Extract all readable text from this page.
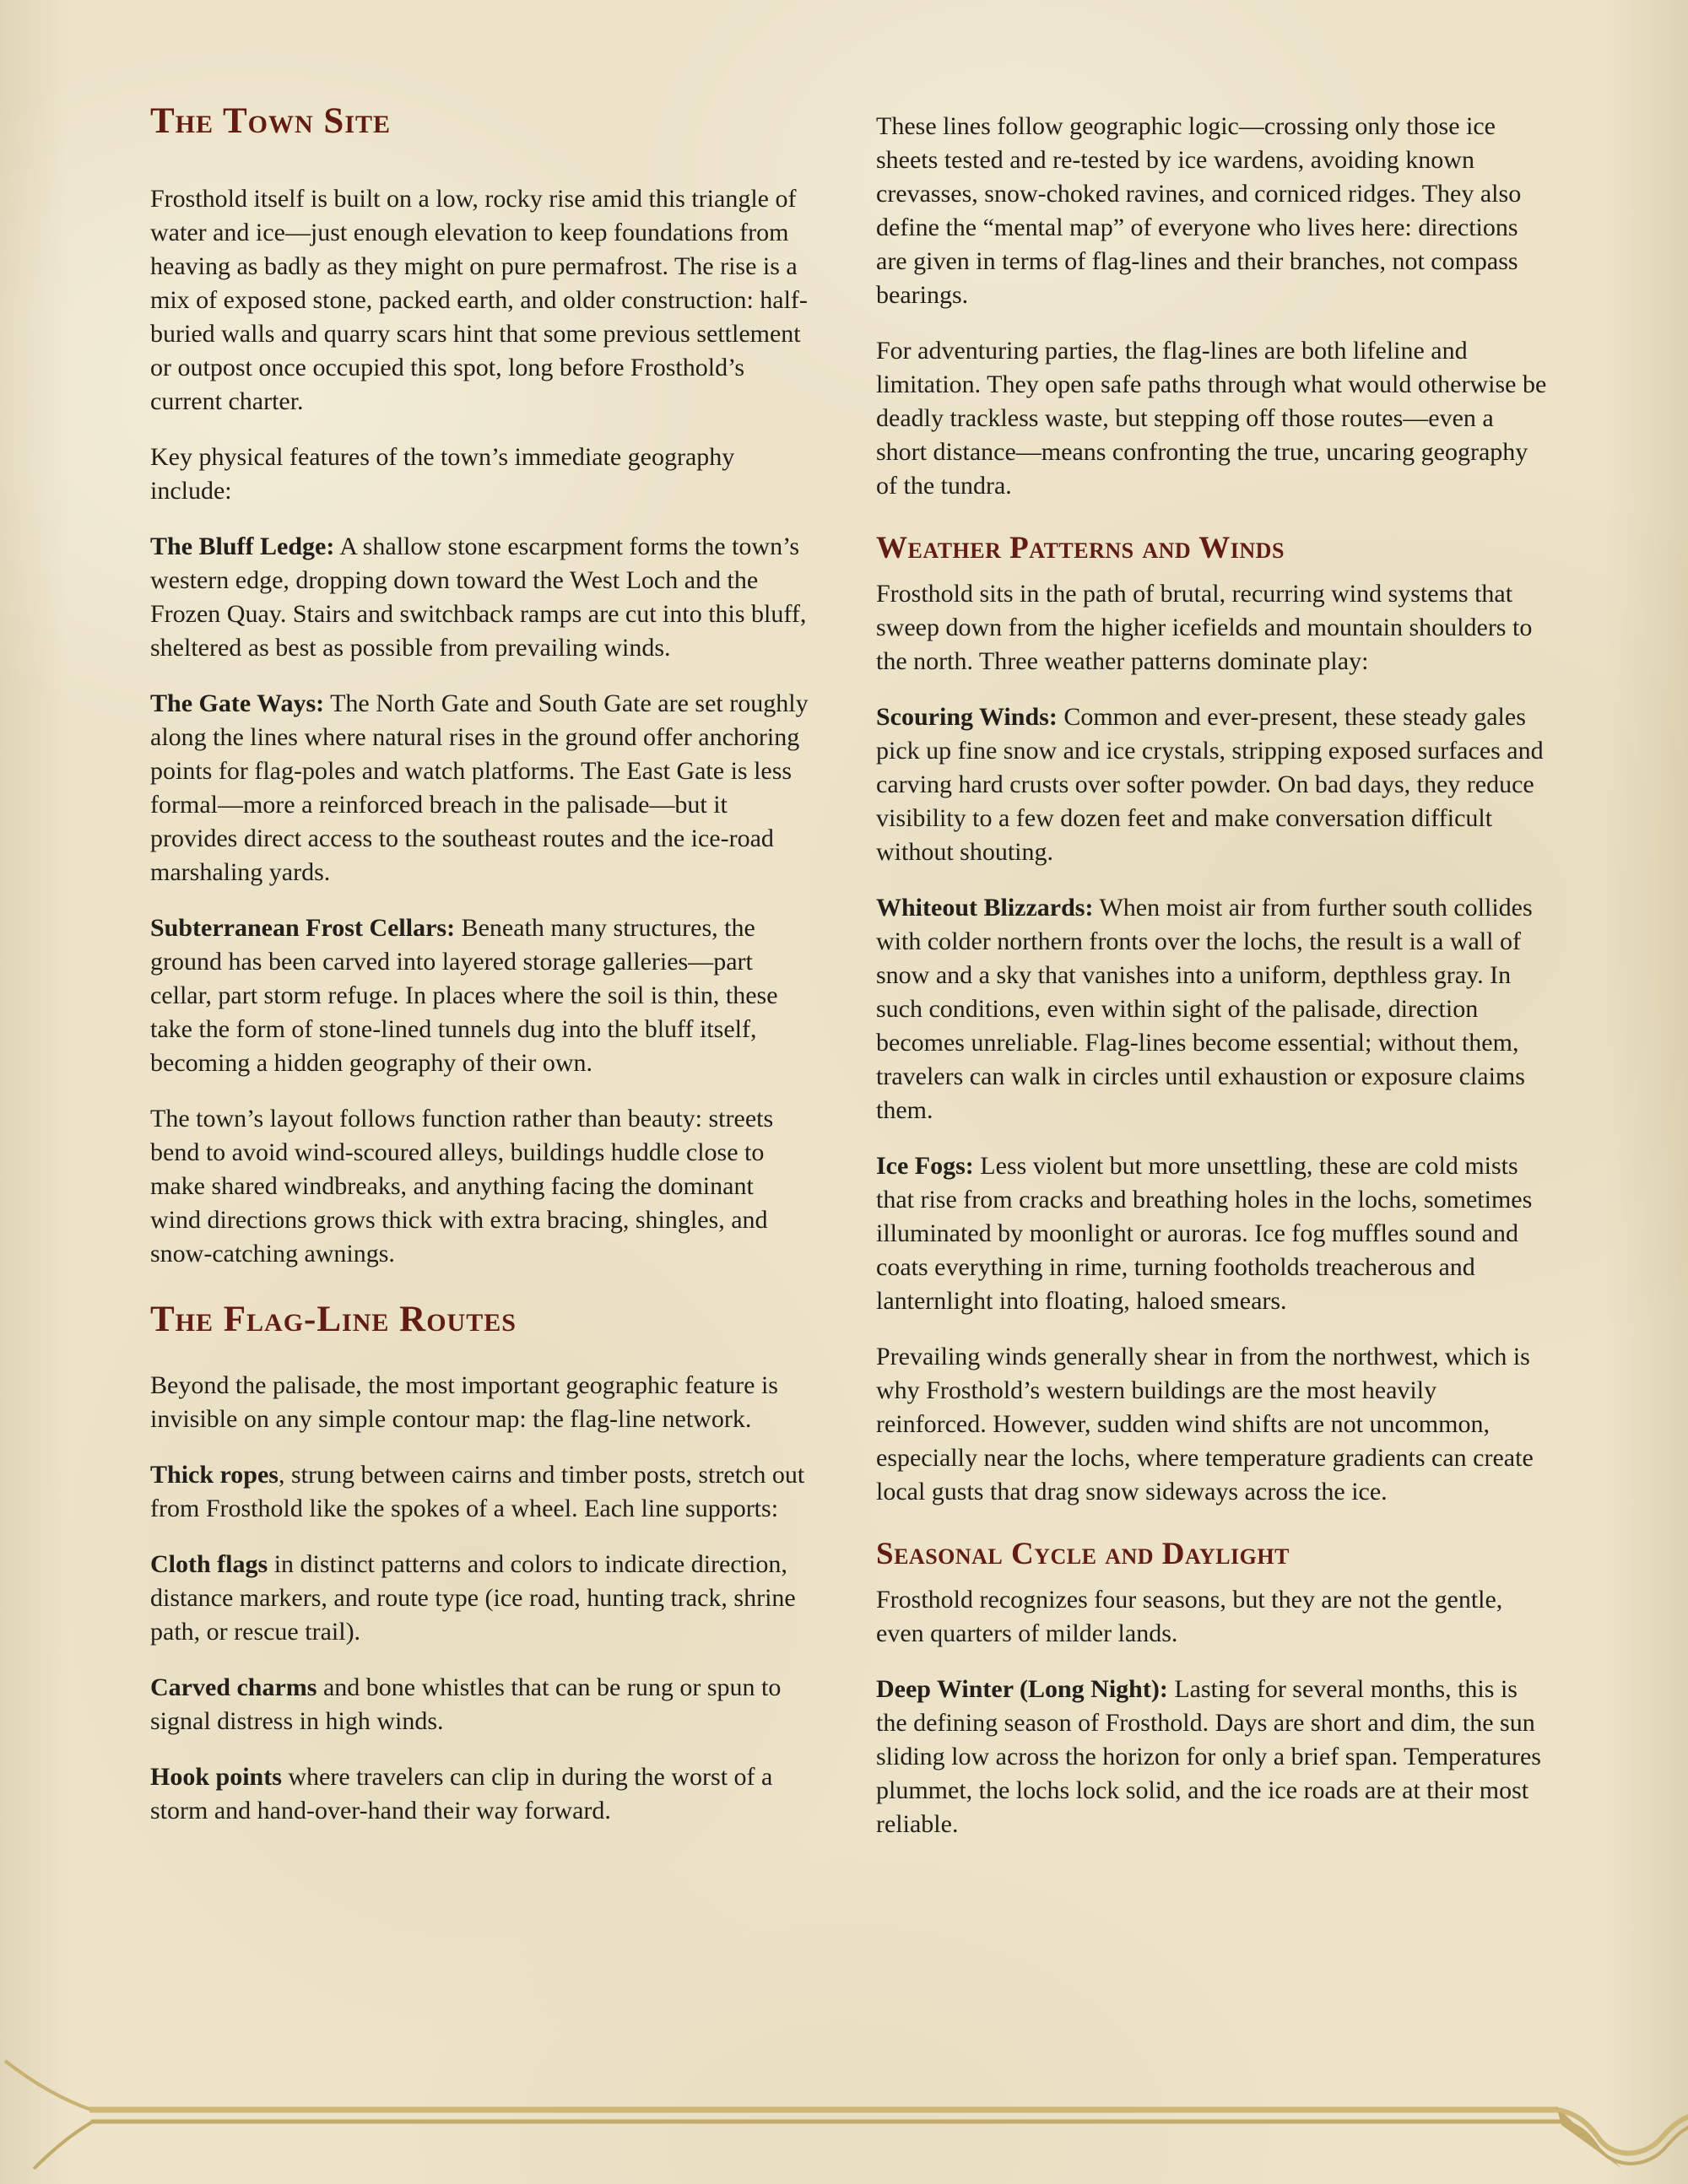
The Town Site

Frosthold itself is built on a low, rocky rise amid this triangle of water and ice—just enough elevation to keep foundations from heaving as badly as they might on pure permafrost. The rise is a mix of exposed stone, packed earth, and older construction: half-buried walls and quarry scars hint that some previous settlement or outpost once occupied this spot, long before Frosthold’s current charter.

Key physical features of the town’s immediate geography include:

The Bluff Ledge: A shallow stone escarpment forms the town’s western edge, dropping down toward the West Loch and the Frozen Quay. Stairs and switchback ramps are cut into this bluff, sheltered as best as possible from prevailing winds.

The Gate Ways: The North Gate and South Gate are set roughly along the lines where natural rises in the ground offer anchoring points for flag-poles and watch platforms. The East Gate is less formal—more a reinforced breach in the palisade—but it provides direct access to the southeast routes and the ice-road marshaling yards.

Subterranean Frost Cellars: Beneath many structures, the ground has been carved into layered storage galleries—part cellar, part storm refuge. In places where the soil is thin, these take the form of stone-lined tunnels dug into the bluff itself, becoming a hidden geography of their own.

The town’s layout follows function rather than beauty: streets bend to avoid wind-scoured alleys, buildings huddle close to make shared windbreaks, and anything facing the dominant wind directions grows thick with extra bracing, shingles, and snow-catching awnings.

The Flag-Line Routes

Beyond the palisade, the most important geographic feature is invisible on any simple contour map: the flag-line network.

Thick ropes, strung between cairns and timber posts, stretch out from Frosthold like the spokes of a wheel. Each line supports:

Cloth flags in distinct patterns and colors to indicate direction, distance markers, and route type (ice road, hunting track, shrine path, or rescue trail).

Carved charms and bone whistles that can be rung or spun to signal distress in high winds.

Hook points where travelers can clip in during the worst of a storm and hand-over-hand their way forward.

These lines follow geographic logic—crossing only those ice sheets tested and re-tested by ice wardens, avoiding known crevasses, snow-choked ravines, and corniced ridges. They also define the “mental map” of everyone who lives here: directions are given in terms of flag-lines and their branches, not compass bearings.

For adventuring parties, the flag-lines are both lifeline and limitation. They open safe paths through what would otherwise be deadly trackless waste, but stepping off those routes—even a short distance—means confronting the true, uncaring geography of the tundra.

Weather Patterns and Winds

Frosthold sits in the path of brutal, recurring wind systems that sweep down from the higher icefields and mountain shoulders to the north. Three weather patterns dominate play:

Scouring Winds: Common and ever-present, these steady gales pick up fine snow and ice crystals, stripping exposed surfaces and carving hard crusts over softer powder. On bad days, they reduce visibility to a few dozen feet and make conversation difficult without shouting.

Whiteout Blizzards: When moist air from further south collides with colder northern fronts over the lochs, the result is a wall of snow and a sky that vanishes into a uniform, depthless gray. In such conditions, even within sight of the palisade, direction becomes unreliable. Flag-lines become essential; without them, travelers can walk in circles until exhaustion or exposure claims them.

Ice Fogs: Less violent but more unsettling, these are cold mists that rise from cracks and breathing holes in the lochs, sometimes illuminated by moonlight or auroras. Ice fog muffles sound and coats everything in rime, turning footholds treacherous and lanternlight into floating, haloed smears.

Prevailing winds generally shear in from the northwest, which is why Frosthold’s western buildings are the most heavily reinforced. However, sudden wind shifts are not uncommon, especially near the lochs, where temperature gradients can create local gusts that drag snow sideways across the ice.

Seasonal Cycle and Daylight

Frosthold recognizes four seasons, but they are not the gentle, even quarters of milder lands.

Deep Winter (Long Night): Lasting for several months, this is the defining season of Frosthold. Days are short and dim, the sun sliding low across the horizon for only a brief span. Temperatures plummet, the lochs lock solid, and the ice roads are at their most reliable.
